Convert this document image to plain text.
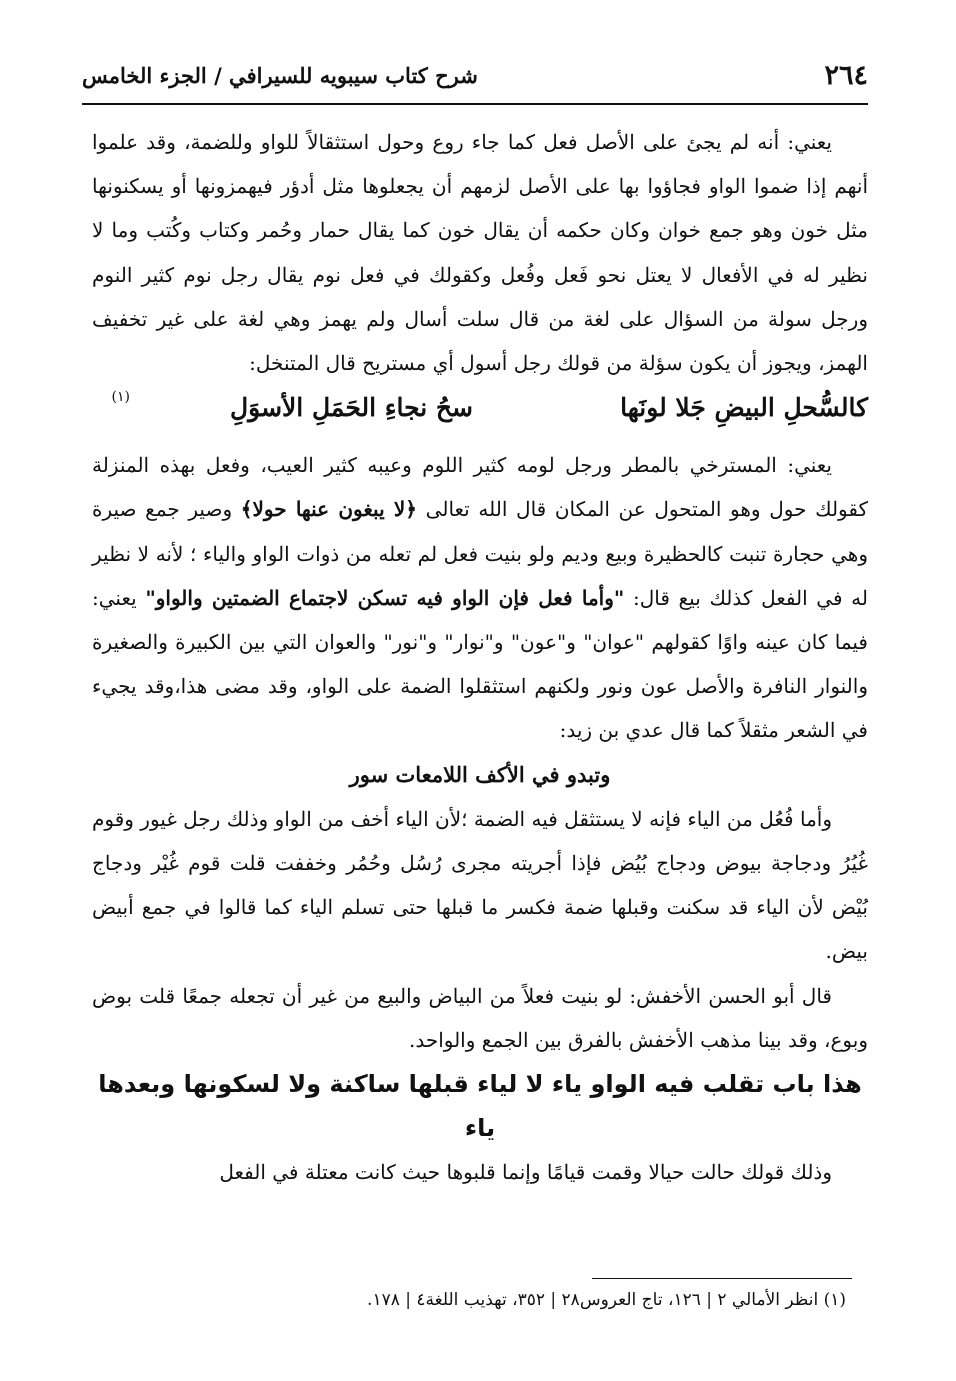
شرح كتاب سيبويه للسيرافي / الجزء الخامس	٢٦٤

يعني: أنه لم يجئ على الأصل فعل كما جاء روع وحول استثقالاً للواو وللضمة، وقد علموا أنهم إذا ضموا الواو فجاؤوا بها على الأصل لزمهم أن يجعلوها مثل أدؤر فيهمزونها أو يسكنونها مثل خون وهو جمع خوان وكان حكمه أن يقال خون كما يقال حمار وحُمر وكتاب وكُتب وما لا نظير له في الأفعال لا يعتل نحو فَعل وفُعل وكقولك في فعل نوم يقال رجل نوم كثير النوم ورجل سولة من السؤال على لغة من قال سلت أسال ولم يهمز وهي لغة على غير تخفيف الهمز، ويجوز أن يكون سؤلة من قولك رجل أسول أي مستريح قال المتنخل:

كالسُّحلِ البيضِ جَلا لونَها
سحُ نجاءِ الحَمَلِ الأسوَلِ
(١)

يعني: المسترخي بالمطر ورجل لومه كثير اللوم وعيبه كثير العيب، وفعل بهذه المنزلة كقولك حول وهو المتحول عن المكان قال الله تعالى ﴿لا يبغون عنها حولا﴾ وصير جمع صيرة وهي حجارة تنبت كالحظيرة وبيع وديم ولو بنيت فعل لم تعله من ذوات الواو والياء ؛ لأنه لا نظير له في الفعل كذلك بيع قال: "وأما فعل فإن الواو فيه تسكن لاجتماع الضمتين والواو" يعني: فيما كان عينه واوًا كقولهم "عوان" و"عون" و"نوار" و"نور" والعوان التي بين الكبيرة والصغيرة والنوار النافرة والأصل عون ونور ولكنهم استثقلوا الضمة على الواو، وقد مضى هذا،وقد يجيء في الشعر مثقلاً كما قال عدي بن زيد:

وتبدو في الأكف اللامعات سور

وأما فُعُل من الياء فإنه لا يستثقل فيه الضمة ؛لأن الياء أخف من الواو وذلك رجل غيور وقوم غُيُرُ ودجاجة بيوض ودجاج بُيُض فإذا أجريته مجرى رُسُل وحُمُر وخففت قلت قوم غُيْر ودجاج بُيْض لأن الياء قد سكنت وقبلها ضمة فكسر ما قبلها حتى تسلم الياء كما قالوا في جمع أبيض بيض.

قال أبو الحسن الأخفش: لو بنيت فعلاً من البياض والبيع من غير أن تجعله جمعًا قلت بوض وبوع، وقد بينا مذهب الأخفش بالفرق بين الجمع والواحد.

هذا باب تقلب فيه الواو ياء لا لياء قبلها ساكنة ولا لسكونها وبعدها ياء

وذلك قولك حالت حيالا وقمت قيامًا وإنما قلبوها حيث كانت معتلة في الفعل

(١) انظر الأمالي ٢ | ١٢٦، تاج العروس٢٨ | ٣٥٢، تهذيب اللغة٤ | ١٧٨.
